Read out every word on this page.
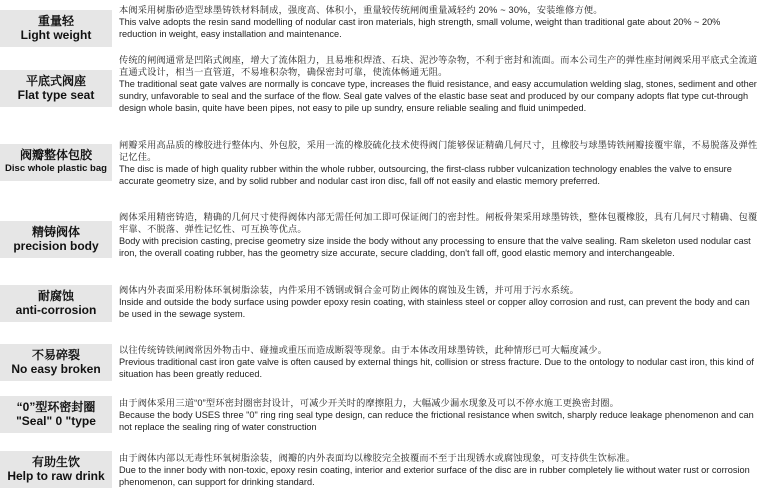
重量轻
Light weight

本阀采用树脂砂造型球墨铸铁材料制成，强度高、体积小，重量较传统闸阀重量减轻约 20% ~ 30%，安装维修方便。

This valve adopts the resin sand modelling of nodular cast iron materials, high strength, small volume, weight than traditional gate about 20% ~ 20% reduction in weight, easy installation and maintenance.

平底式阀座
Flat type seat

传统的闸阀通常是凹陷式阀座，增大了流体阻力，且易堆积焊渣、石块、泥沙等杂物，不利于密封和流面。而本公司生产的弹性座封闸阀采用平底式全流道直通式设计，相当一直管道，不易堆积杂物，确保密封可靠，使流体畅通无阻。

The traditional seat gate valves are normally is concave type, increases the fluid resistance, and easy accumulation welding slag, stones, sediment and other sundry, unfavorable to seal and the surface of the flow. Seal gate valves of the elastic base seat and produced by our company adopts flat type cut-through design whole basin, quite have been pipes, not easy to pile up sundry, ensure reliable sealing and fluid unimpeded.

阀瓣整体包胶
Disc whole plastic bag

闸瓣采用高品质的橡胶进行整体内、外包胶，采用一流的橡胶硫化技术使得阀门能够保证精确几何尺寸，且橡胶与球墨铸铁闸瓣接覆牢靠，不易脱落及弹性记忆佳。

The disc is made of high quality rubber within the whole rubber, outsourcing, the first-class rubber vulcanization technology enables the valve to ensure accurate geometry size, and by solid rubber and nodular cast iron disc, fall off not easily and elastic memory preferred.

精铸阀体
precision body

阀体采用精密铸造，精确的几何尺寸使得阀体内部无需任何加工即可保证阀门的密封性。闸板骨架采用球墨铸铁，整体包覆橡胶，具有几何尺寸精确、包覆牢靠、不脱落、弹性记忆性、可互换等优点。

Body with precision casting, precise geometry size inside the body without any processing to ensure that the valve sealing. Ram skeleton used nodular cast iron, the overall coating rubber, has the geometry size accurate, secure cladding, don't fall off, good elastic memory and interchangeable.

耐腐蚀
anti-corrosion

阀体内外表面采用粉体环氧树脂涂装，内件采用不锈钢或铜合金可防止阀体的腐蚀及生锈，并可用于污水系统。

Inside and outside the body surface using powder epoxy resin coating, with stainless steel or copper alloy corrosion and rust, can prevent the body and can be used in the sewage system.

不易碎裂
No easy broken

以往传统铸铁闸阀常因外物击中、碰撞或重压而造成断裂等现象。由于本体改用球墨铸铁，此种情形已可大幅度减少。

Previous traditional cast iron gate valve is often caused by external things hit, collision or stress fracture. Due to the ontology to nodular cast iron, this kind of situation has been greatly reduced.

“0”型环密封圈
"Seal" 0 "type

由于阀体采用三道“0”型环密封圈密封设计，可减少开关时的摩擦阻力，大幅减少漏水现象及可以不停水施工更换密封圈。

Because the body USES three "0" ring ring seal type design, can reduce the frictional resistance when switch, sharply reduce leakage phenomenon and can not replace the sealing ring of water construction

有助生饮
Help to raw drink

由于阀体内部以无毒性环氧树脂涂装，阀瓣的内外表面均以橡胶完全披覆而不至于出现锈水或腐蚀现象，可支持供生饮标准。

Due to the inner body with non-toxic, epoxy resin coating, interior and exterior surface of the disc are in rubber completely lie without water rust or corrosion phenomenon, can support for drinking standard.
